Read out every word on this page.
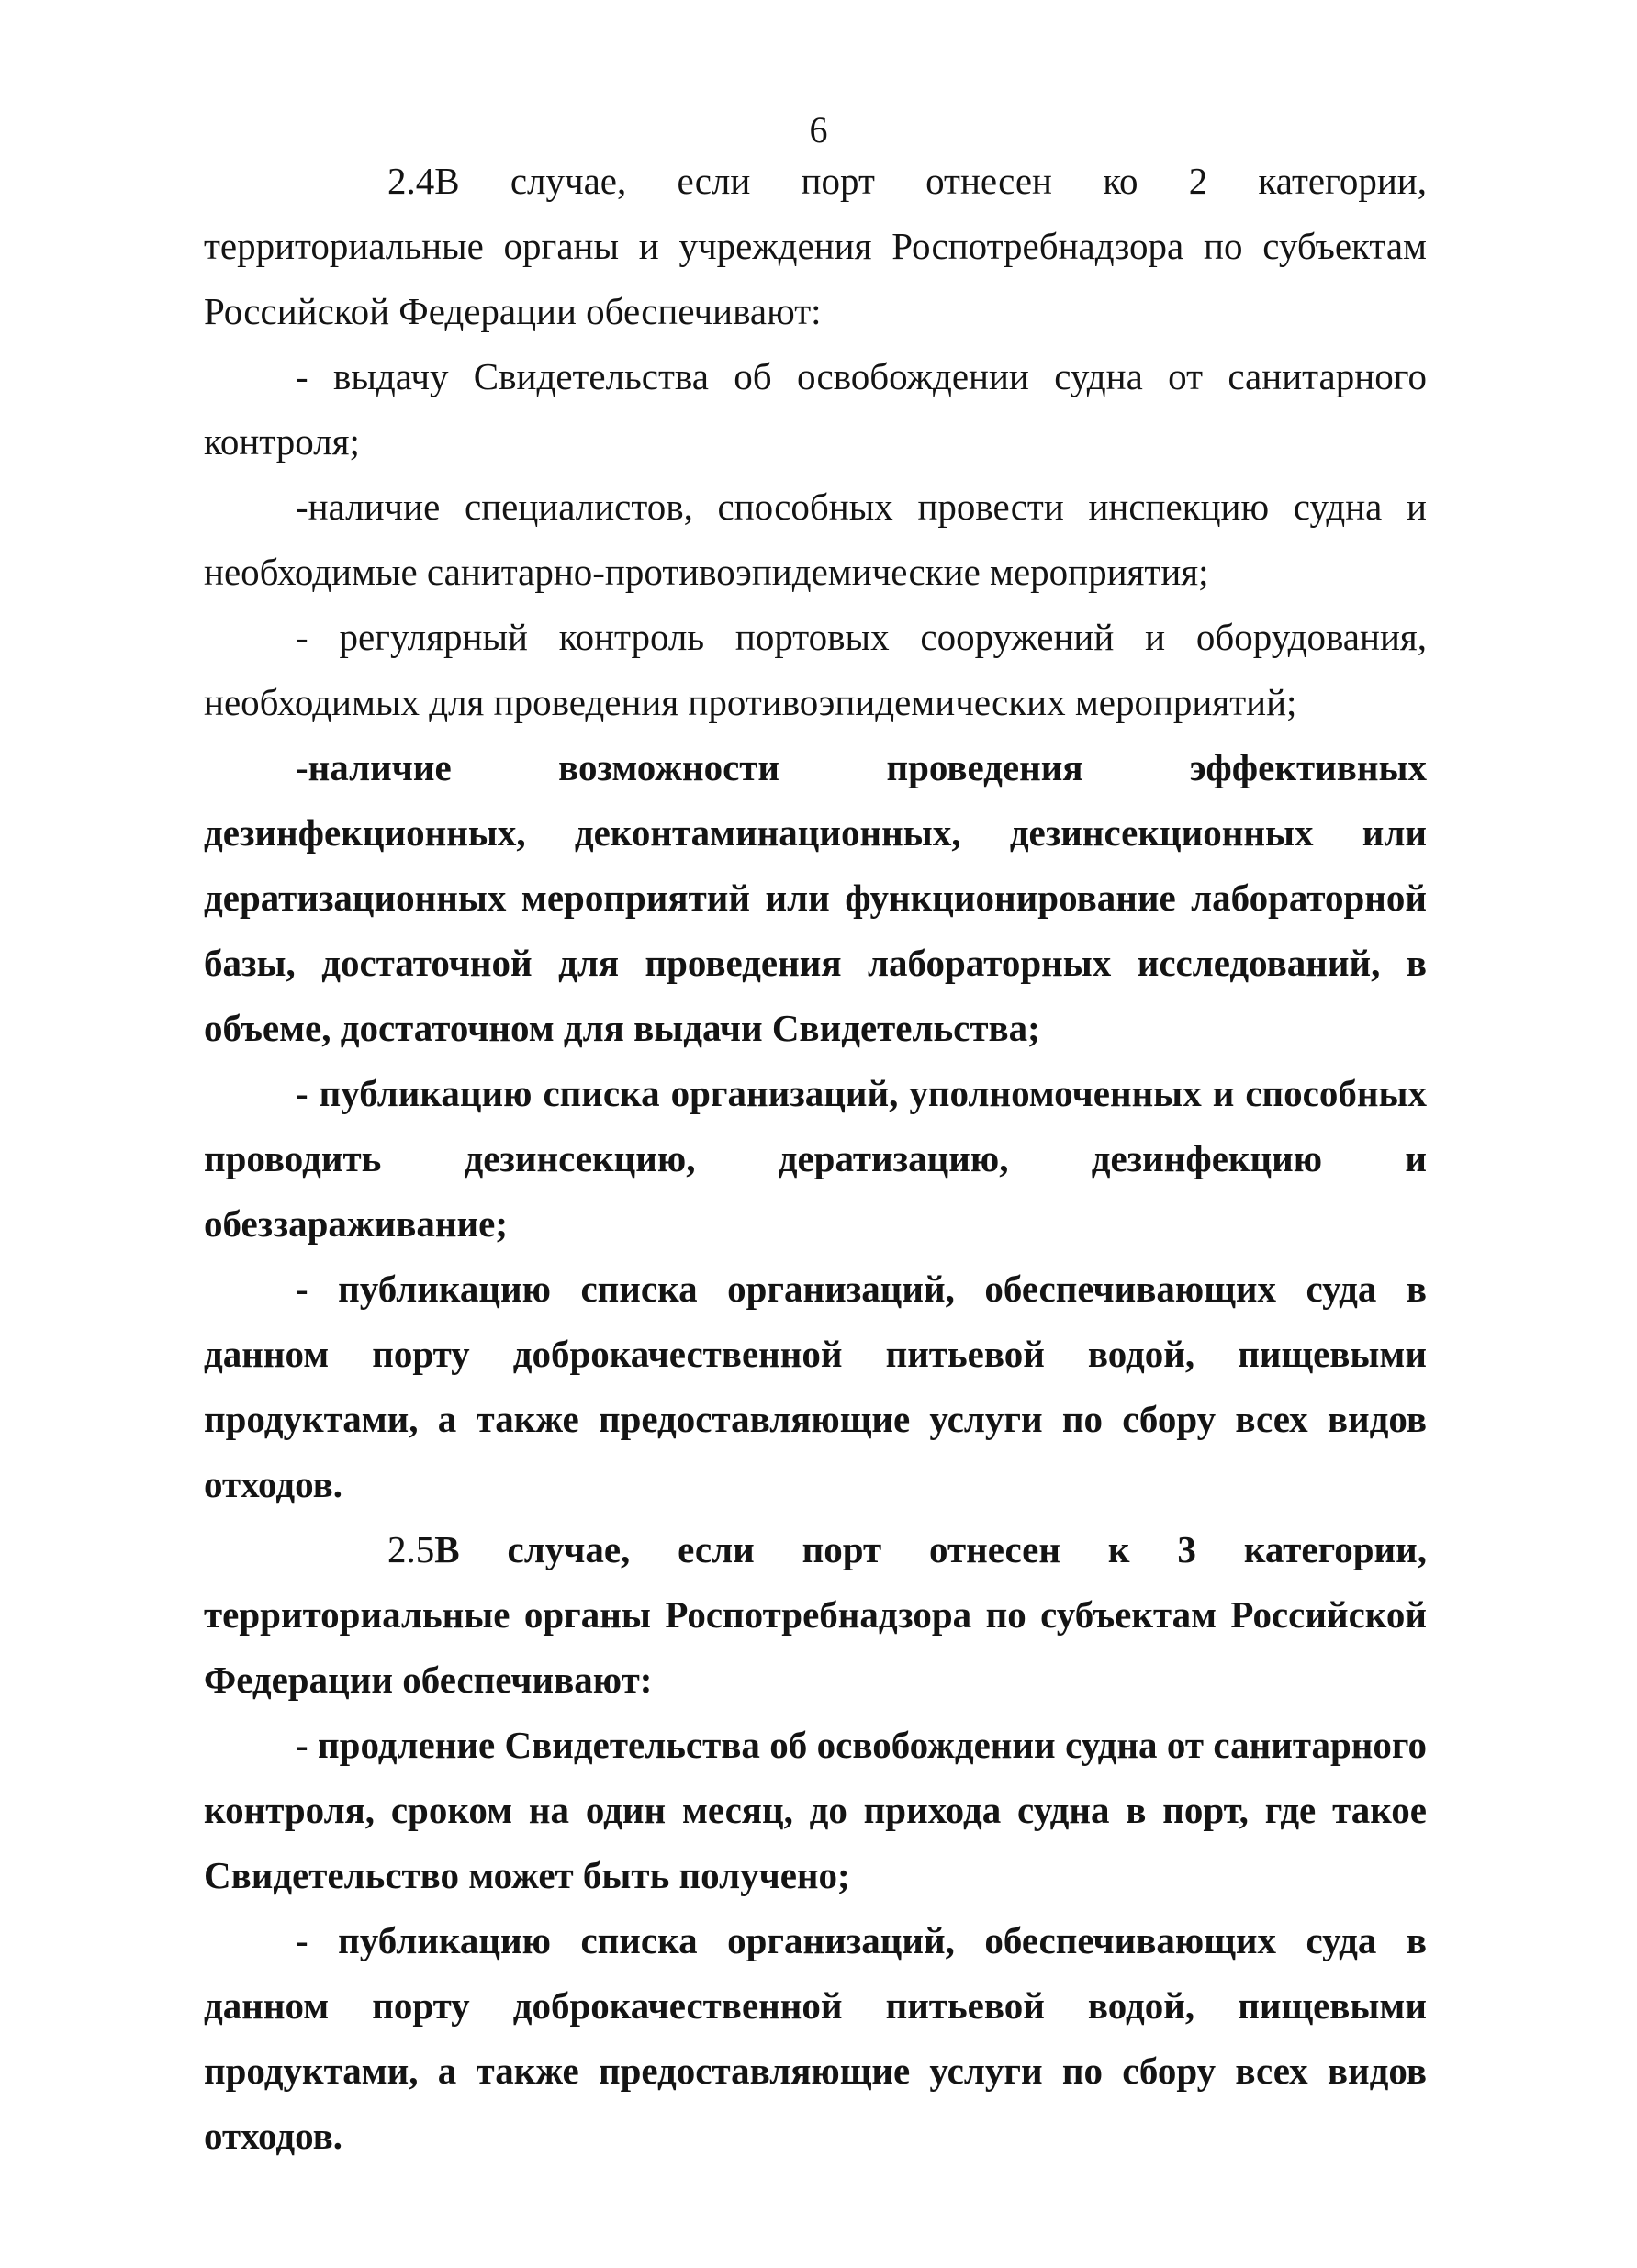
6

2.4В случае, если порт отнесен ко 2 категории, территориальные органы и учреждения Роспотребнадзора по субъектам Российской Федерации обеспечивают:

- выдачу Свидетельства об освобождении судна от санитарного контроля;

-наличие специалистов, способных провести инспекцию судна и необходимые санитарно-противоэпидемические мероприятия;

- регулярный контроль портовых сооружений и оборудования, необходимых для проведения противоэпидемических мероприятий;

-наличие возможности проведения эффективных дезинфекционных, деконтаминационных, дезинсекционных или дератизационных мероприятий или функционирование лабораторной базы, достаточной для проведения лабораторных исследований, в объеме, достаточном для выдачи Свидетельства;

- публикацию списка организаций, уполномоченных и способных проводить дезинсекцию, дератизацию, дезинфекцию и обеззараживание;

- публикацию списка организаций, обеспечивающих суда в данном порту доброкачественной питьевой водой, пищевыми продуктами, а также предоставляющие услуги по сбору всех видов отходов.

2.5В случае, если порт отнесен к 3 категории, территориальные органы Роспотребнадзора по субъектам Российской Федерации обеспечивают:

- продление Свидетельства об освобождении судна от санитарного контроля, сроком на один месяц, до прихода судна в порт, где такое Свидетельство может быть получено;

- публикацию списка организаций, обеспечивающих суда в данном порту доброкачественной питьевой водой, пищевыми продуктами, а также предоставляющие услуги по сбору всех видов отходов.
